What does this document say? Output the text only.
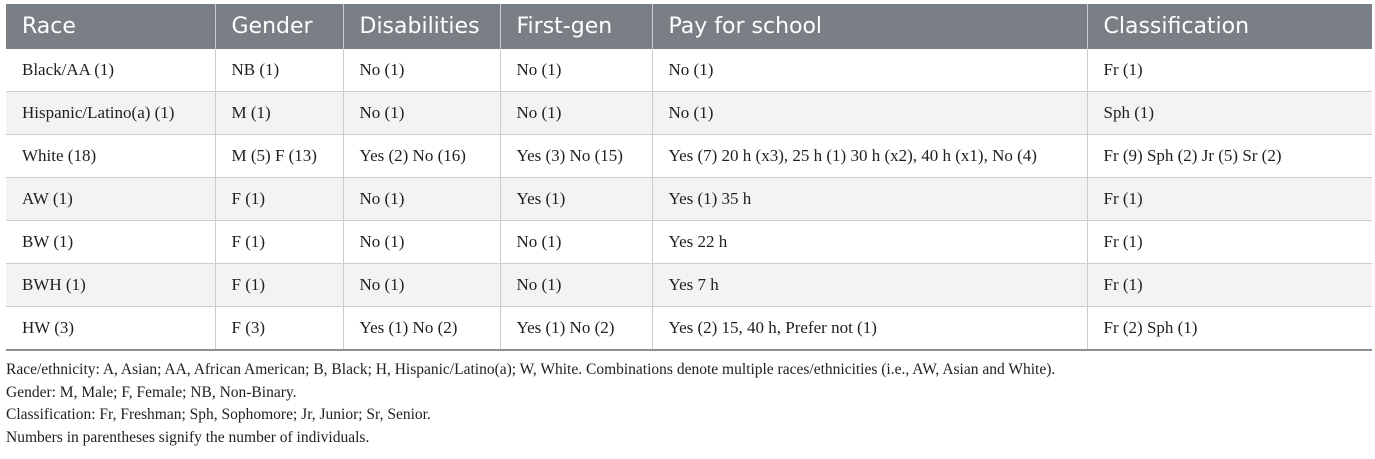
Race	Gender	Disabilities	First-gen	Pay for school	Classification
Black/AA (1)	NB (1)	No (1)	No (1)	No (1)	Fr (1)
Hispanic/Latino(a) (1)	M (1)	No (1)	No (1)	No (1)	Sph (1)
White (18)	M (5) F (13)	Yes (2) No (16)	Yes (3) No (15)	Yes (7) 20 h (x3), 25 h (1) 30 h (x2), 40 h (x1), No (4)	Fr (9) Sph (2) Jr (5) Sr (2)
AW (1)	F (1)	No (1)	Yes (1)	Yes (1) 35 h	Fr (1)
BW (1)	F (1)	No (1)	No (1)	Yes 22 h	Fr (1)
BWH (1)	F (1)	No (1)	No (1)	Yes 7 h	Fr (1)
HW (3)	F (3)	Yes (1) No (2)	Yes (1) No (2)	Yes (2) 15, 40 h, Prefer not (1)	Fr (2) Sph (1)

Race/ethnicity: A, Asian; AA, African American; B, Black; H, Hispanic/Latino(a); W, White. Combinations denote multiple races/ethnicities (i.e., AW, Asian and White).

Gender: M, Male; F, Female; NB, Non-Binary.

Classification: Fr, Freshman; Sph, Sophomore; Jr, Junior; Sr, Senior.

Numbers in parentheses signify the number of individuals.
